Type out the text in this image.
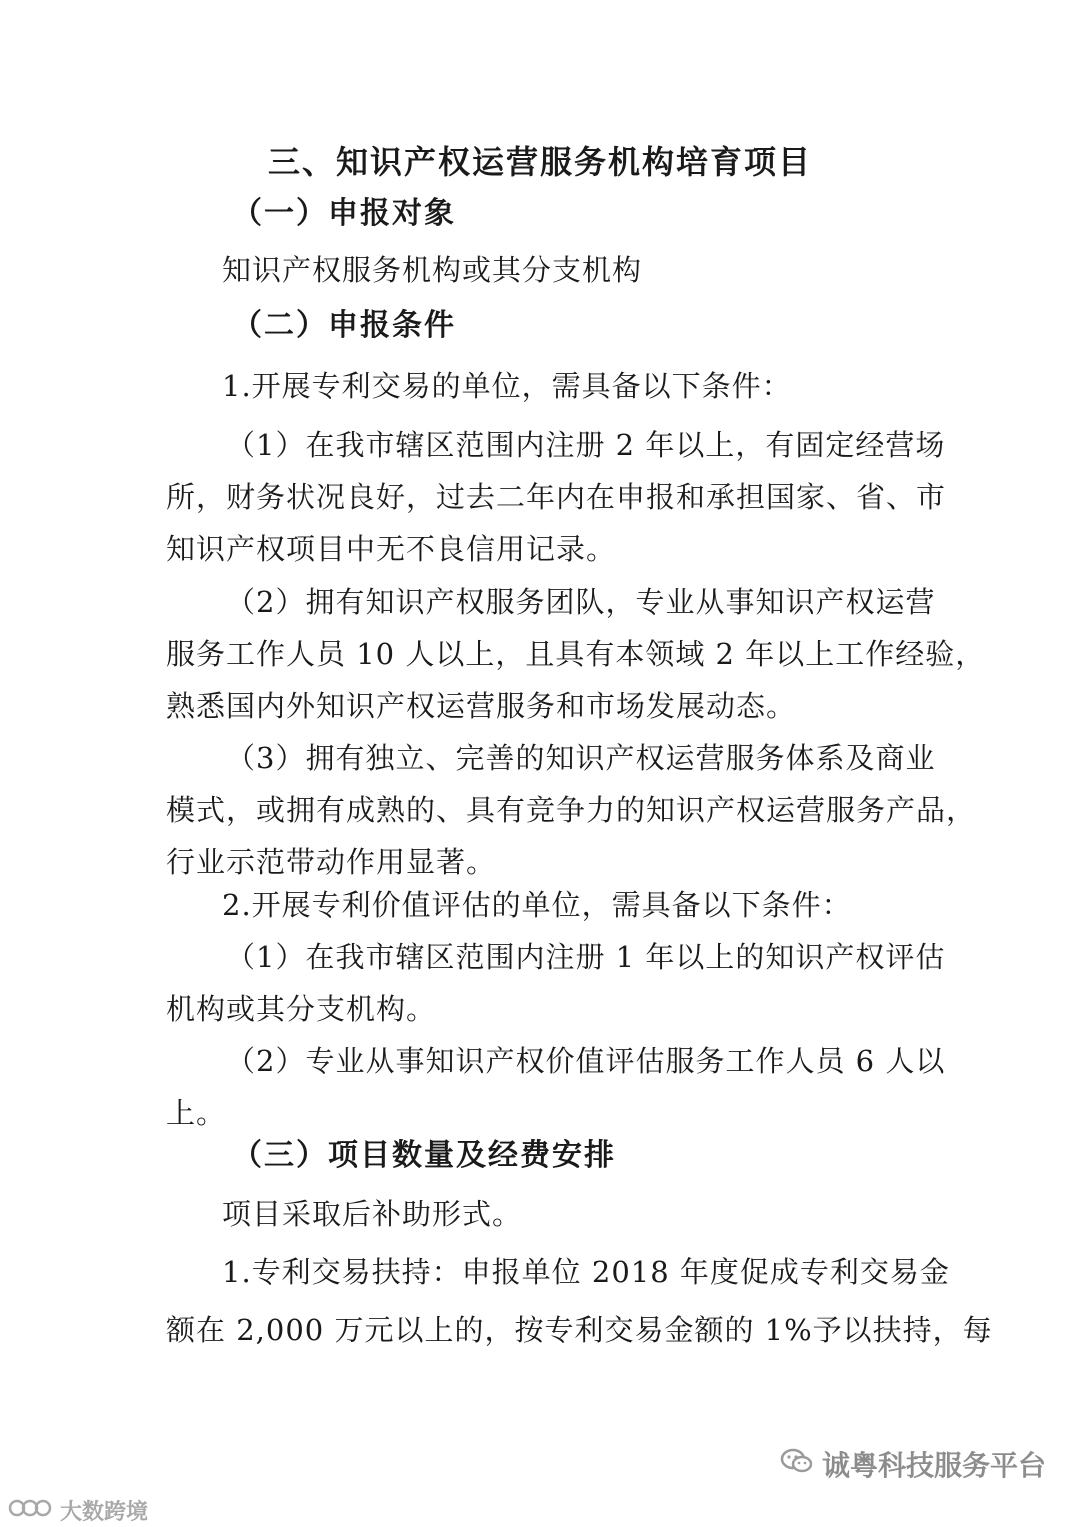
三、知识产权运营服务机构培育项目
（一）申报对象
知识产权服务机构或其分支机构
（二）申报条件
1.开展专利交易的单位，需具备以下条件：
（1）在我市辖区范围内注册 2 年以上，有固定经营场
所，财务状况良好，过去二年内在申报和承担国家、省、市
知识产权项目中无不良信用记录。
（2）拥有知识产权服务团队，专业从事知识产权运营
服务工作人员 10 人以上，且具有本领域 2 年以上工作经验，
熟悉国内外知识产权运营服务和市场发展动态。
（3）拥有独立、完善的知识产权运营服务体系及商业
模式，或拥有成熟的、具有竞争力的知识产权运营服务产品，
行业示范带动作用显著。
2.开展专利价值评估的单位，需具备以下条件：
（1）在我市辖区范围内注册 1 年以上的知识产权评估
机构或其分支机构。
（2）专业从事知识产权价值评估服务工作人员 6 人以
上。
（三）项目数量及经费安排
项目采取后补助形式。
1.专利交易扶持：申报单位 2018 年度促成专利交易金
额在 2,000 万元以上的，按专利交易金额的 1%予以扶持，每
诚粤科技服务平台
大数跨境
